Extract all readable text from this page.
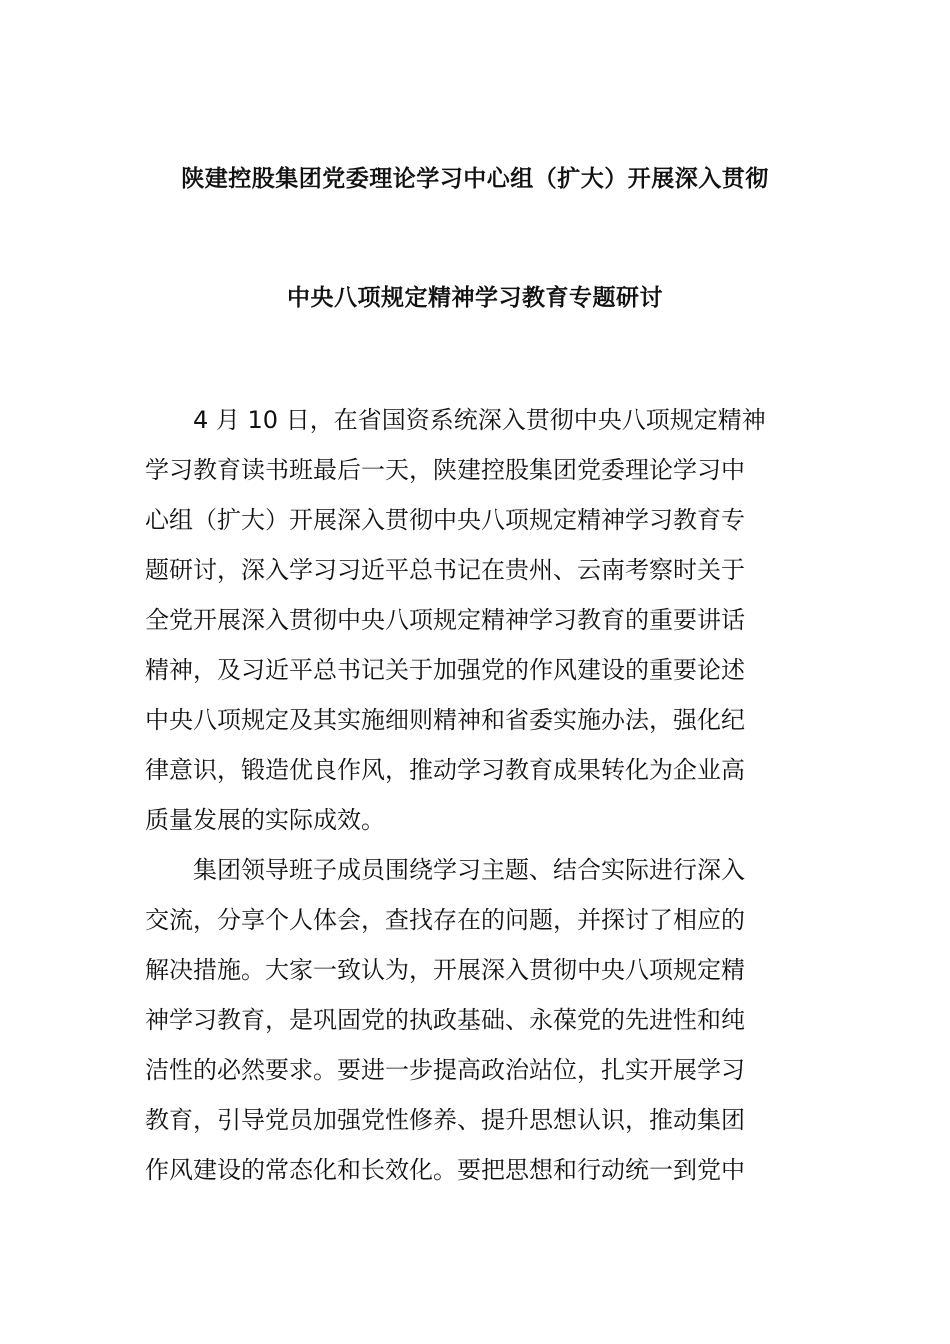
陕建控股集团党委理论学习中心组（扩大）开展深入贯彻
中央八项规定精神学习教育专题研讨

　　4 月 10 日，在省国资系统深入贯彻中央八项规定精神
学习教育读书班最后一天，陕建控股集团党委理论学习中
心组（扩大）开展深入贯彻中央八项规定精神学习教育专
题研讨，深入学习习近平总书记在贵州、云南考察时关于
全党开展深入贯彻中央八项规定精神学习教育的重要讲话
精神，及习近平总书记关于加强党的作风建设的重要论述
中央八项规定及其实施细则精神和省委实施办法，强化纪
律意识，锻造优良作风，推动学习教育成果转化为企业高
质量发展的实际成效。

　　集团领导班子成员围绕学习主题、结合实际进行深入
交流，分享个人体会，查找存在的问题，并探讨了相应的
解决措施。大家一致认为，开展深入贯彻中央八项规定精
神学习教育，是巩固党的执政基础、永葆党的先进性和纯
洁性的必然要求。要进一步提高政治站位，扎实开展学习
教育，引导党员加强党性修养、提升思想认识，推动集团
作风建设的常态化和长效化。要把思想和行动统一到党中
